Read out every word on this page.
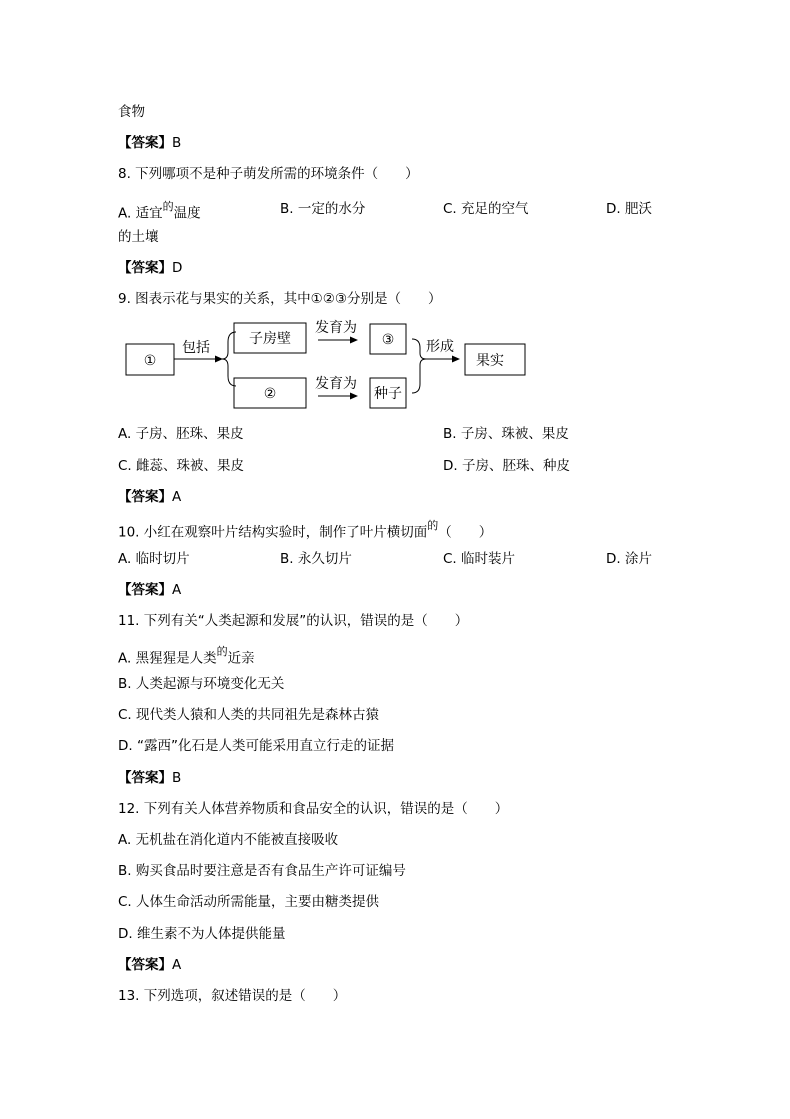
食物
【答案】B
8. 下列哪项不是种子萌发所需的环境条件（　　）
A. 适宜$^的$温度	B. 一定的水分	C. 充足的空气	D. 肥沃
的土壤
【答案】D
9. 图表示花与果实的关系，其中①②③分别是（　　）
①
包括
子房壁
②
发育为
发育为
③
种子
形成
果实
A. 子房、胚珠、果皮	B. 子房、珠被、果皮
C. 雌蕊、珠被、果皮	D. 子房、胚珠、种皮
【答案】A
10. 小红在观察叶片结构实验时，制作了叶片横切面$^的$（　　）
A. 临时切片	B. 永久切片	C. 临时装片	D. 涂片
【答案】A
11. 下列有关“人类起源和发展”的认识，错误的是（　　）
A. 黑猩猩是人类$^的$近亲
B. 人类起源与环境变化无关
C. 现代类人猿和人类的共同祖先是森林古猿
D. “露西”化石是人类可能采用直立行走的证据
【答案】B
12. 下列有关人体营养物质和食品安全的认识，错误的是（　　）
A. 无机盐在消化道内不能被直接吸收
B. 购买食品时要注意是否有食品生产许可证编号
C. 人体生命活动所需能量，主要由糖类提供
D. 维生素不为人体提供能量
【答案】A
13. 下列选项，叙述错误的是（　　）
